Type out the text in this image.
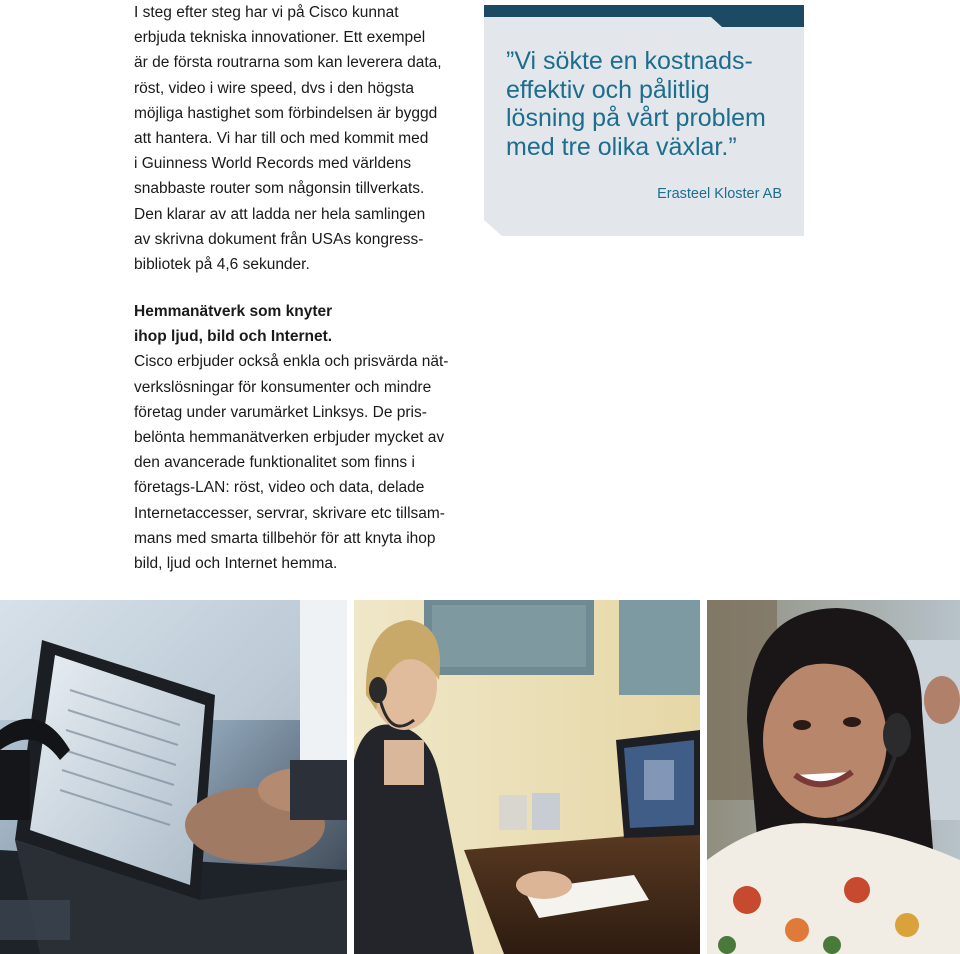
I steg efter steg har vi på Cisco kunnat

erbjuda tekniska innovationer. Ett exempel

är de första routrarna som kan leverera data,

röst, video i wire speed, dvs i den högsta

möjliga hastighet som förbindelsen är byggd

att hantera. Vi har till och med kommit med

i Guinness World Records med världens

snabbaste router som någonsin tillverkats.

Den klarar av att ladda ner hela samlingen

av skrivna dokument från USAs kongress-

bibliotek på 4,6 sekunder.

”Vi sökte en kostnads-
effektiv och pålitlig
lösning på vårt problem
med tre olika växlar.”

Erasteel Kloster AB

Hemmanätverk som knyter

ihop ljud, bild och Internet.

Cisco erbjuder också enkla och prisvärda nät-

verkslösningar för konsumenter och mindre

företag under varumärket Linksys. De pris-

belönta hemmanätverken erbjuder mycket av

den avancerade funktionalitet som finns i

företags-LAN: röst, video och data, delade

Internetaccesser, servrar, skrivare etc tillsam-

mans med smarta tillbehör för att knyta ihop

bild, ljud och Internet hemma.
